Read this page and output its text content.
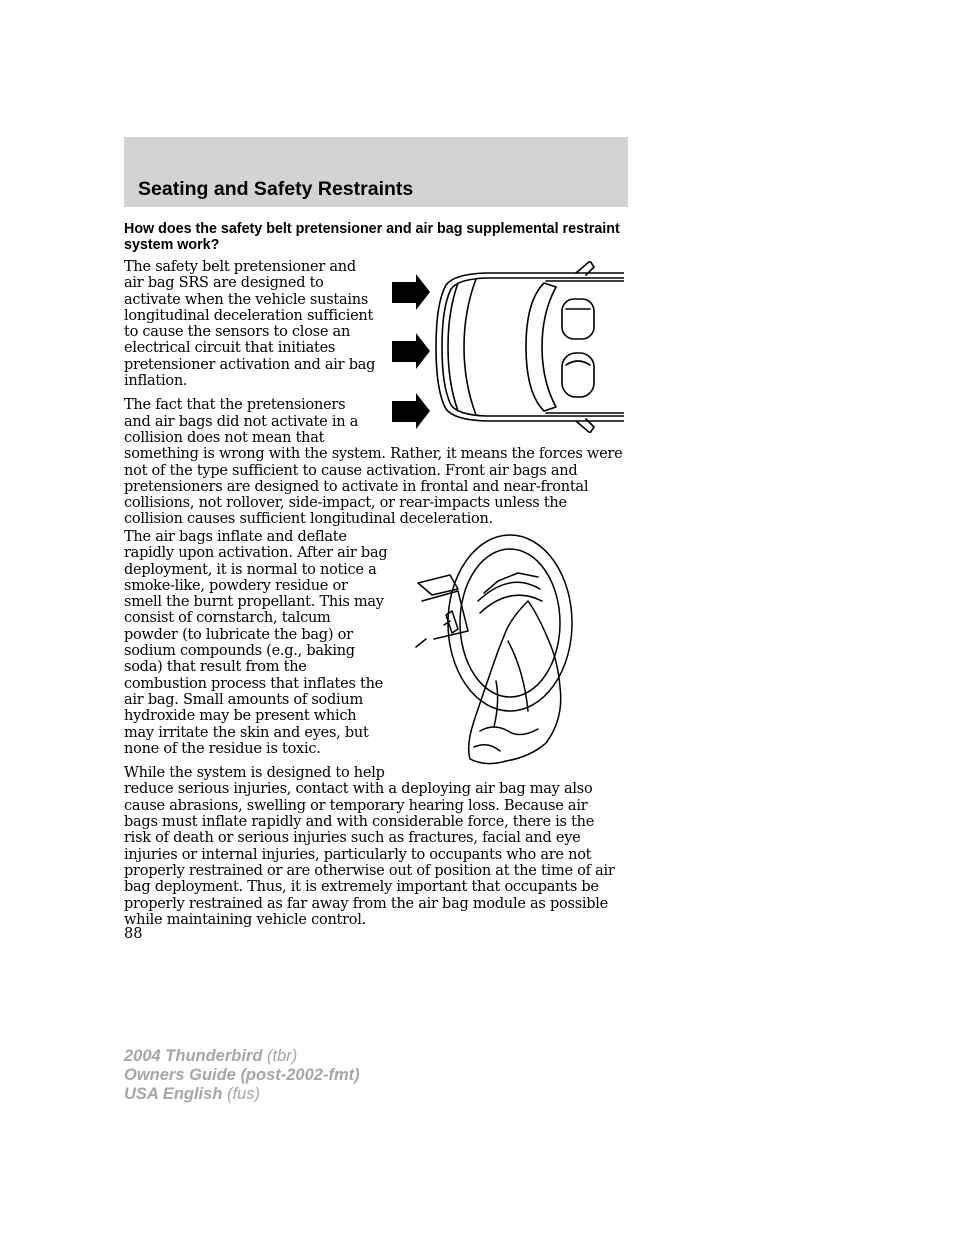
Seating and Safety Restraints
How does the safety belt pretensioner and air bag supplemental restraint system work?

The safety belt pretensioner and air bag SRS are designed to activate when the vehicle sustains longitudinal deceleration sufficient to cause the sensors to close an electrical circuit that initiates pretensioner activation and air bag inflation.

The fact that the pretensioners and air bags did not activate in a collision does not mean that something is wrong with the system. Rather, it means the forces were not of the type sufficient to cause activation. Front air bags and pretensioners are designed to activate in frontal and near-frontal collisions, not rollover, side-impact, or rear-impacts unless the collision causes sufficient longitudinal deceleration.

The air bags inflate and deflate rapidly upon activation. After air bag deployment, it is normal to notice a smoke-like, powdery residue or smell the burnt propellant. This may consist of cornstarch, talcum powder (to lubricate the bag) or sodium compounds (e.g., baking soda) that result from the combustion process that inflates the air bag. Small amounts of sodium hydroxide may be present which may irritate the skin and eyes, but none of the residue is toxic.

While the system is designed to help reduce serious injuries, contact with a deploying air bag may also cause abrasions, swelling or temporary hearing loss. Because air bags must inflate rapidly and with considerable force, there is the risk of death or serious injuries such as fractures, facial and eye injuries or internal injuries, particularly to occupants who are not properly restrained or are otherwise out of position at the time of air bag deployment. Thus, it is extremely important that occupants be properly restrained as far away from the air bag module as possible while maintaining vehicle control.

88
2004 Thunderbird (tbr)
Owners Guide (post-2002-fmt)
USA English (fus)
